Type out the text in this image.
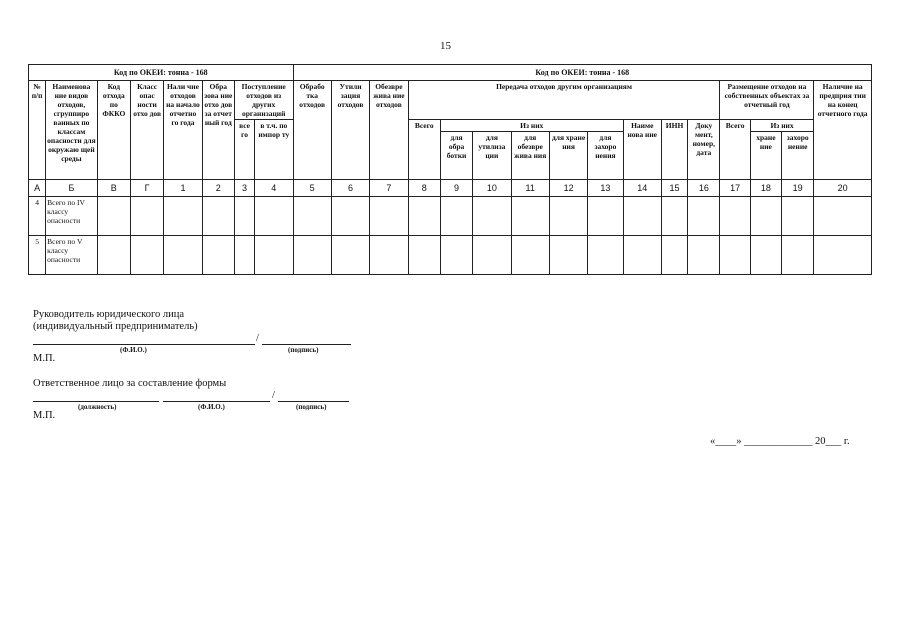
15
Код по ОКЕИ: тонна - 168								Код по ОКЕИ: тонна - 168															
№ п/п	Наименова ние видов отходов, сгруппиро ванных по классам опасности для окружаю щей среды	Код отхода по ФККО	Класс опас ности отхо дов	Нали чие отходов на начало отчетно го года	Обра зова ние отхо дов за отчет ный год	Поступление отходов из других организаций		Обрабо тка отходов	Утили зация отходов	Обезвре жива ние отходов	Передача отходов другим организациям									Размещение отходов на собственных объектах за отчетный год			Наличие на предприя тии на конец отчетного года
						все го	в т.ч. по импор ту				Всего	Из них					Наиме нова ние	ИНН	Доку мент, номер, дата	Всего	Из них		
												для обра ботки	для утилиза ции	для обезвре жива ния	для хране ния	для захоро нения					хране ние	захоро нение	
А	Б	В	Г	1	2	3	4	5	6	7	8	9	10	11	12	13	14	15	16	17	18	19	20
4	Всего по IV классу опасности																						
5	Всего по V классу опасности																						
Руководитель юридического лица
(индивидуальный предприниматель)
/
(Ф.И.О.)	(подпись)
М.П.
Ответственное лицо за составление формы
/
(должность)	(Ф.И.О.)	(подпись)
М.П.
«____» _____________ 20___ г.
